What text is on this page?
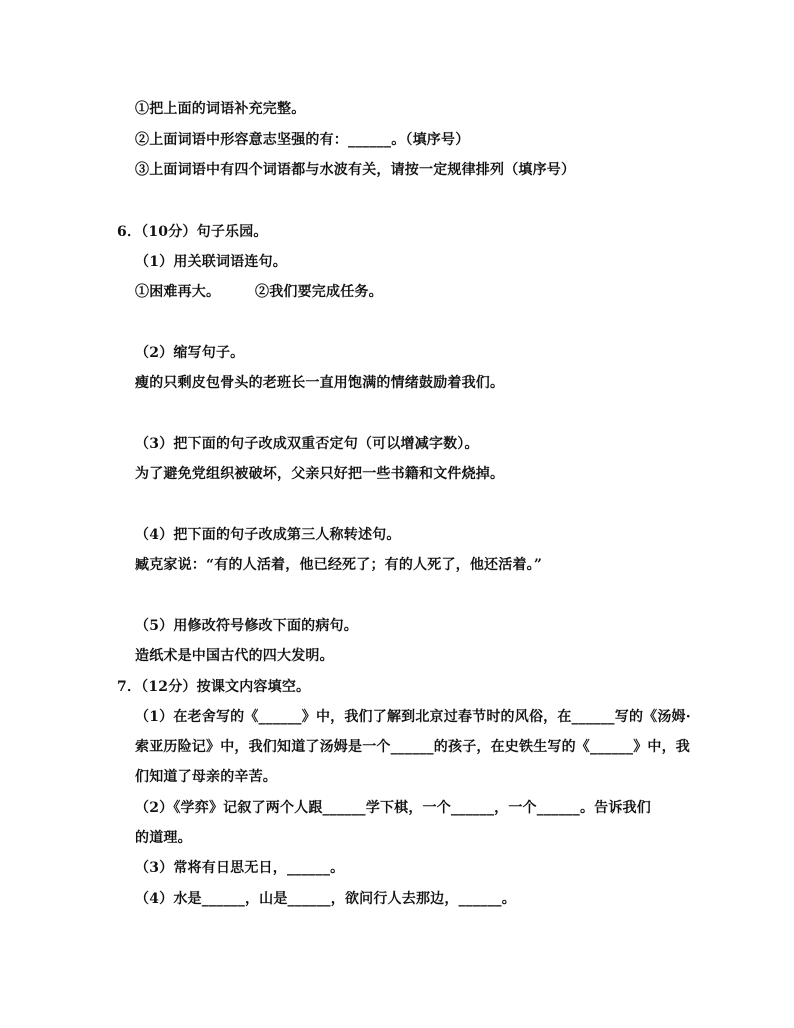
①把上面的词语补充完整。
②上面词语中形容意志坚强的有：______。（填序号）
③上面词语中有四个词语都与水波有关，请按一定规律排列（填序号）
6．（10分）句子乐园。
（1）用关联词语连句。
①困难再大。 ②我们要完成任务。
（2）缩写句子。
瘦的只剩皮包骨头的老班长一直用饱满的情绪鼓励着我们。
（3）把下面的句子改成双重否定句（可以增减字数）。
为了避免党组织被破坏，父亲只好把一些书籍和文件烧掉。
（4）把下面的句子改成第三人称转述句。
臧克家说：“有的人活着，他已经死了；有的人死了，他还活着。”
（5）用修改符号修改下面的病句。
造纸术是中国古代的四大发明。
7．（12分）按课文内容填空。
（1）在老舍写的《______》中，我们了解到北京过春节时的风俗，在______写的《汤姆·
索亚历险记》中，我们知道了汤姆是一个______的孩子，在史铁生写的《______》中，我
们知道了母亲的辛苦。
（2）《学弈》记叙了两个人跟______学下棋，一个______，一个______。告诉我们
的道理。
（3）常将有日思无日，______。
（4）水是______，山是______，欲问行人去那边，______。
